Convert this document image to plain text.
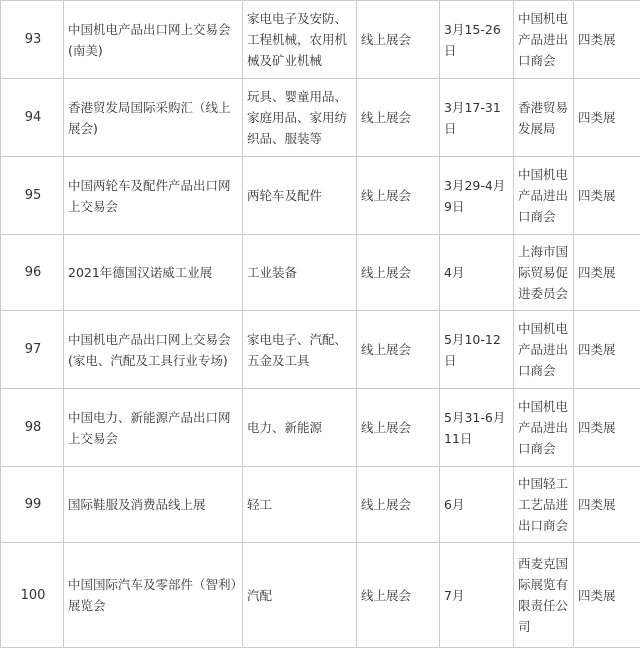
93	中国机电产品出口网上交易会(南美)	家电电子及安防、工程机械，农用机械及矿业机械	线上展会	3月15-26日	中国机电产品进出口商会	四类展
94	香港贸发局国际采购汇（线上展会)	玩具、婴童用品、家庭用品、家用纺织品、服装等	线上展会	3月17-31日	香港贸易发展局	四类展
95	中国两轮车及配件产品出口网上交易会	两轮车及配件	线上展会	3月29-4月9日	中国机电产品进出口商会	四类展
96	2021年德国汉诺威工业展	工业装备	线上展会	4月	上海市国际贸易促进委员会	四类展
97	中国机电产品出口网上交易会(家电、汽配及工具行业专场)	家电电子、汽配、五金及工具	线上展会	5月10-12日	中国机电产品进出口商会	四类展
98	中国电力、新能源产品出口网上交易会	电力、新能源	线上展会	5月31-6月11日	中国机电产品进出口商会	四类展
99	国际鞋服及消费品线上展	轻工	线上展会	6月	中国轻工工艺品进出口商会	四类展
100	中国国际汽车及零部件（智利）展览会	汽配	线上展会	7月	西麦克国际展览有限责任公司	四类展
